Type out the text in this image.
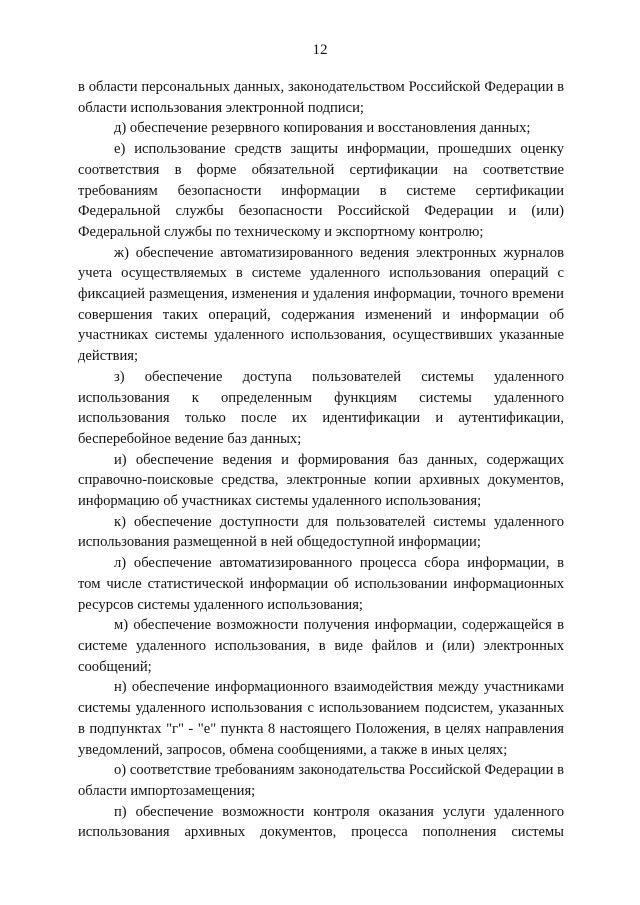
12

в области персональных данных, законодательством Российской Федерации в области использования электронной подписи;

д) обеспечение резервного копирования и восстановления данных;

е) использование средств защиты информации, прошедших оценку соответствия в форме обязательной сертификации на соответствие требованиям безопасности информации в системе сертификации Федеральной службы безопасности Российской Федерации и (или) Федеральной службы по техническому и экспортному контролю;

ж) обеспечение автоматизированного ведения электронных журналов учета осуществляемых в системе удаленного использования операций с фиксацией размещения, изменения и удаления информации, точного времени совершения таких операций, содержания изменений и информации об участниках системы удаленного использования, осуществивших указанные действия;

з) обеспечение доступа пользователей системы удаленного использования к определенным функциям системы удаленного использования только после их идентификации и аутентификации, бесперебойное ведение баз данных;

и) обеспечение ведения и формирования баз данных, содержащих справочно-поисковые средства, электронные копии архивных документов, информацию об участниках системы удаленного использования;

к) обеспечение доступности для пользователей системы удаленного использования размещенной в ней общедоступной информации;

л) обеспечение автоматизированного процесса сбора информации, в том числе статистической информации об использовании информационных ресурсов системы удаленного использования;

м) обеспечение возможности получения информации, содержащейся в системе удаленного использования, в виде файлов и (или) электронных сообщений;

н) обеспечение информационного взаимодействия между участниками системы удаленного использования с использованием подсистем, указанных в подпунктах "г" - "е" пункта 8 настоящего Положения, в целях направления уведомлений, запросов, обмена сообщениями, а также в иных целях;

о) соответствие требованиям законодательства Российской Федерации в области импортозамещения;

п) обеспечение возможности контроля оказания услуги удаленного использования архивных документов, процесса пополнения системы
